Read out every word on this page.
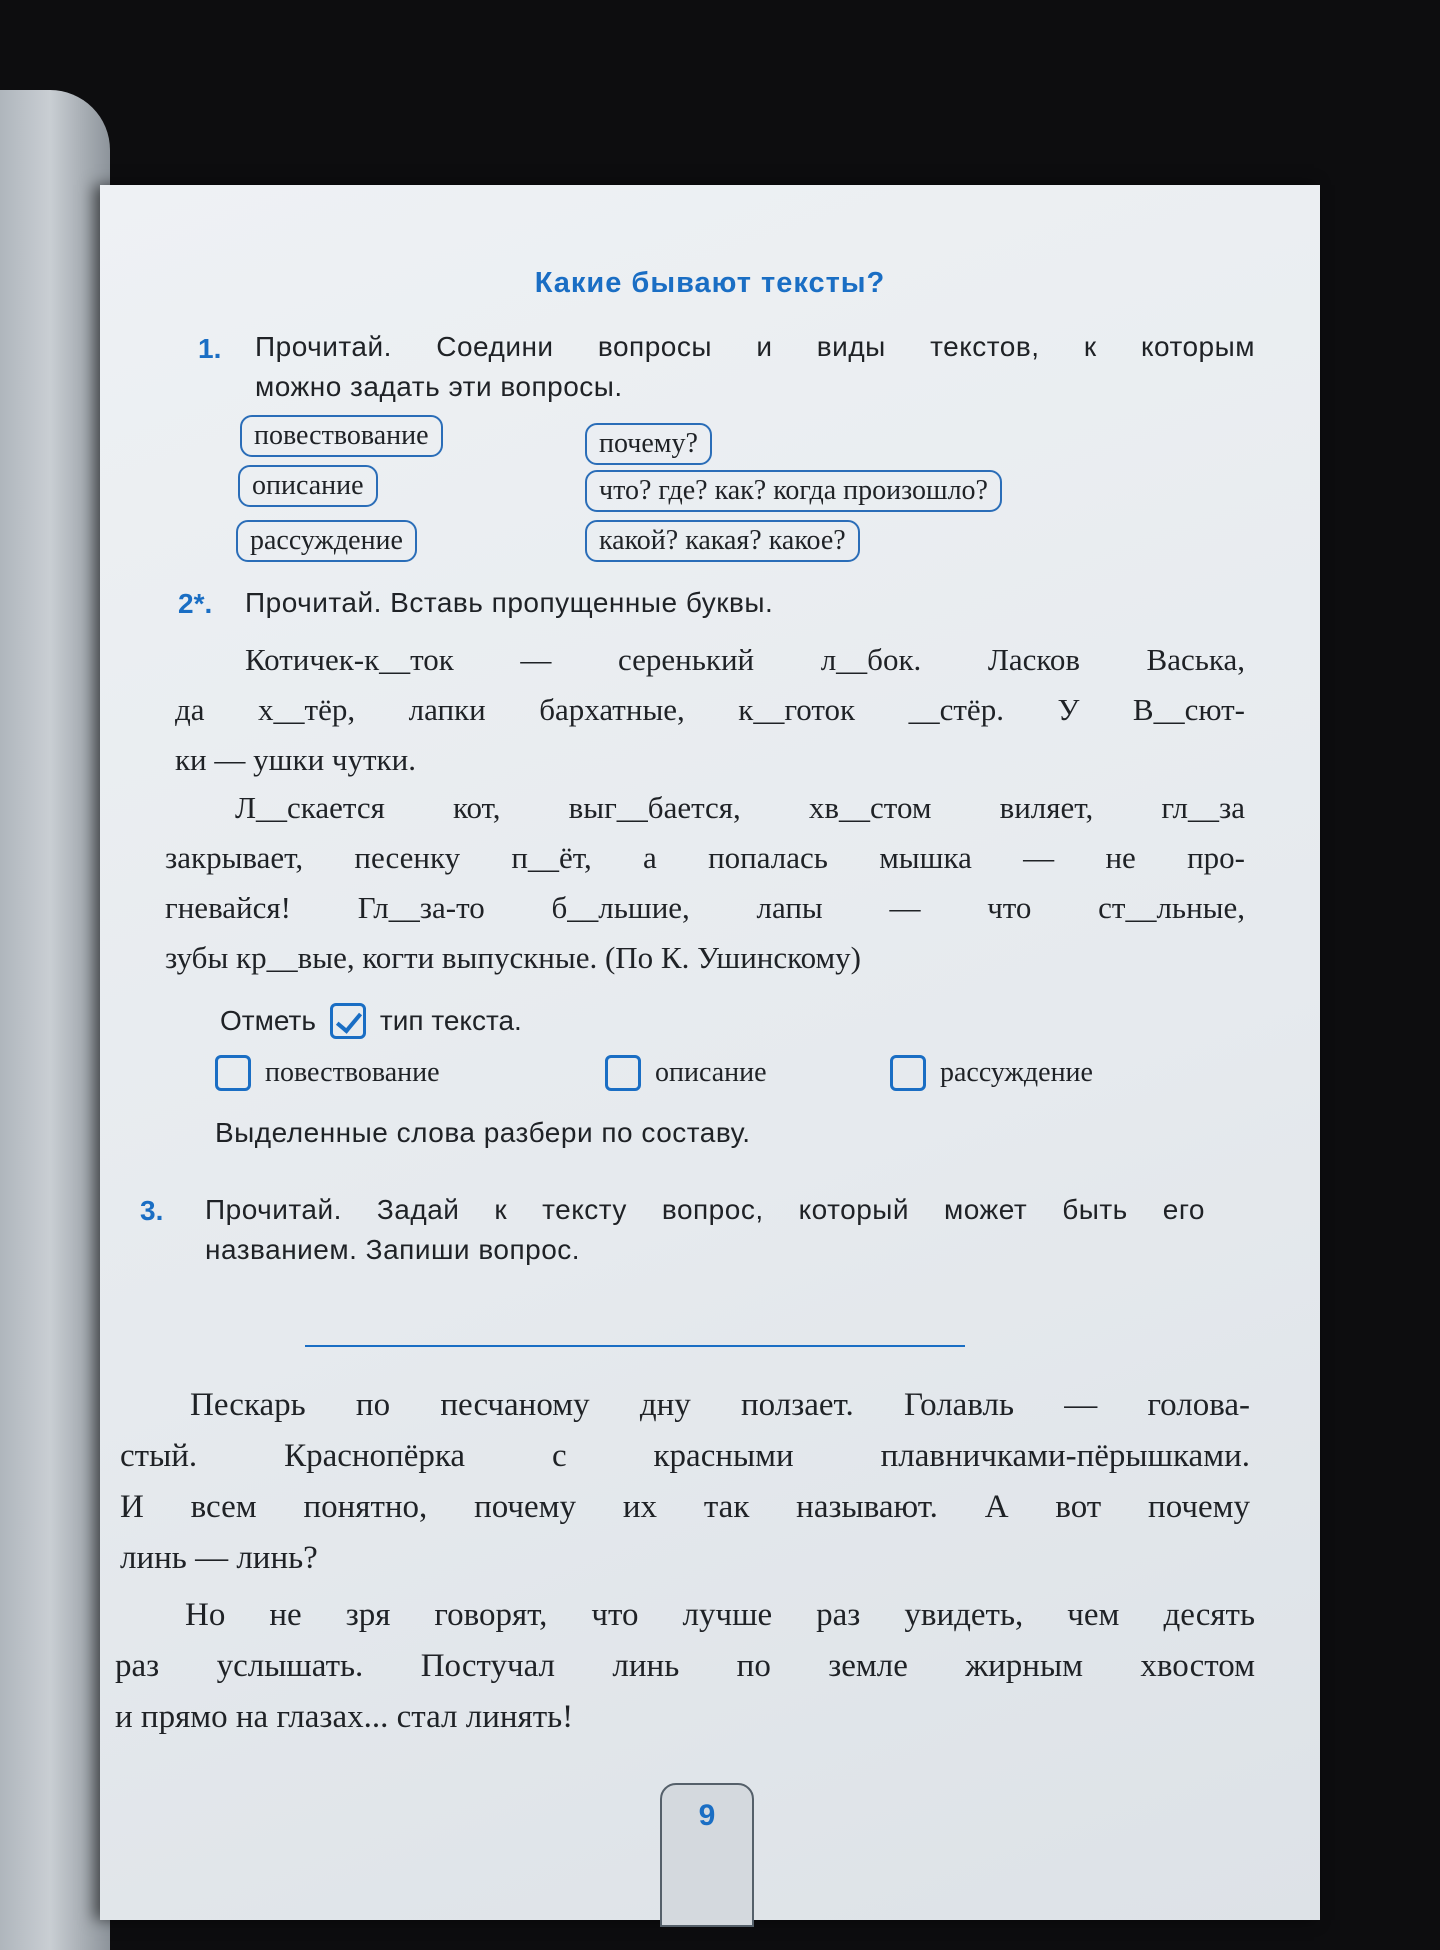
Какие бывают тексты?
1. Прочитай. Соедини вопросы и виды текстов, к которым
можно задать эти вопросы.
повествование
описание
рассуждение
почему?
что? где? как? когда произошло?
какой? какая? какое?
2*. Прочитай. Вставь пропущенные буквы.
Котичек-к__ток — серенький л__бок. Ласков Васька,
да х__тёр, лапки бархатные, к__готок __стёр. У В__сют-
ки — ушки чутки.
Л__скается кот, выг__бается, хв__стом виляет, гл__за
закрывает, песенку п__ёт, а попалась мышка — не про-
гневайся! Гл__за-то б__льшие, лапы — что ст__льные,
зубы кр__вые, когти выпускные. (По К. Ушинскому)
Отметь тип текста.
повествование	описание	рассуждение
Выделенные слова разбери по составу.
3. Прочитай. Задай к тексту вопрос, который может быть его
названием. Запиши вопрос.
Пескарь по песчаному дну ползает. Голавль — голова-
стый. Краснопёрка с красными плавничками-пёрышками.
И всем понятно, почему их так называют. А вот почему
линь — линь?
Но не зря говорят, что лучше раз увидеть, чем десять
раз услышать. Постучал линь по земле жирным хвостом
и прямо на глазах... стал линять!
9
